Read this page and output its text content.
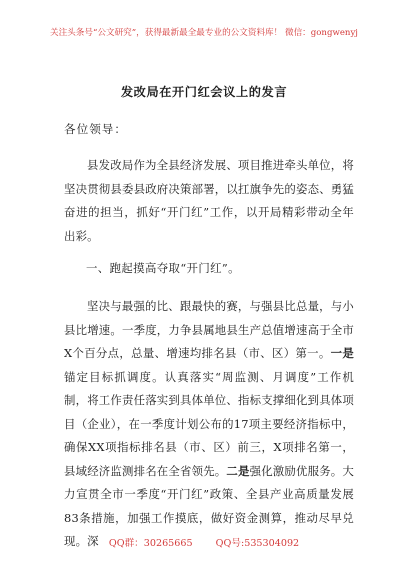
关注头条号“公文研究”，获得最新最全最专业的公文资料库！ 微信：gongwenyj
发改局在开门红会议上的发言
各位领导：

县发改局作为全县经济发展、项目推进牵头单位，将坚决贯彻县委县政府决策部署，以扛旗争先的姿态、勇猛奋进的担当，抓好“开门红”工作，以开局精彩带动全年出彩。

一、跑起摸高夺取“开门红”。

坚决与最强的比、跟最快的赛，与强县比总量，与小县比增速。一季度，力争县属地县生产总值增速高于全市X个百分点，总量、增速均排名县（市、区）第一。一是锚定目标抓调度。认真落实“周监测、月调度”工作机制，将工作责任落实到具体单位、指标支撑细化到具体项目（企业），在一季度计划公布的17项主要经济指标中，确保XX项指标排名县（市、区）前三，X项排名第一，县域经济监测排名在全省领先。二是强化激励优服务。大力宣贯全市一季度“开门红”政策、全县产业高质量发展83条措施，加强工作摸底，做好资金测算，推动尽早兑现。深	QQ群：30265665 QQ号:535304092
